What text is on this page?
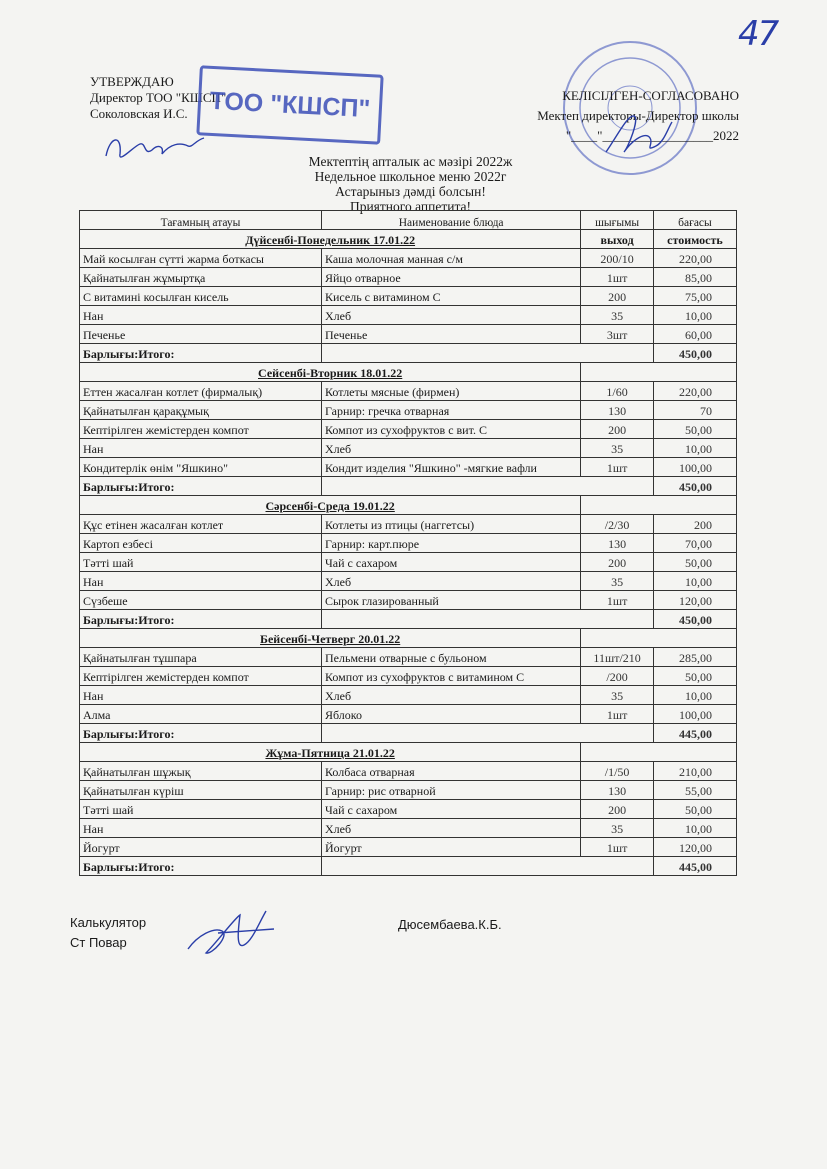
47
УТВЕРЖДАЮ
Директор ТОО "КШСП"
Соколовская И.С. ТОО "КШСП"	КЕЛІСІЛГЕН-СОГЛАСОВАНО
Мектеп директоры-Директор школы
"____"_________________2022
Мектептің апталык ас мәзірі 2022ж
Недельное школьное меню 2022г
Астарыныз дәмді болсын!
Приятного аппетита!
Тағамның атауы	Наименование блюда	шығымы	бағасы
Дүйсенбі-Понедельник 17.01.22		выход	стоимость
Май косылған сүтті жарма боткасы	Каша молочная манная с/м	200/10	220,00
Қайнатылған жұмыртқа	Яйцо отварное	1шт	85,00
С витамині косылған кисель	Кисель с витамином С	200	75,00
Нан	Хлеб	35	10,00
Печенье	Печенье	3шт	60,00
Барлығы:Итого:			450,00
Сейсенбі-Вторник 18.01.22			
Еттен жасалған котлет (фирмалық)	Котлеты мясные (фирмен)	1/60	220,00
Қайнатылған қарақұмық	Гарнир: гречка отварная	130	70
Кептірілген жемістерден компот	Компот из сухофруктов с вит. С	200	50,00
Нан	Хлеб	35	10,00
Кондитерлік өнім "Яшкино"	Кондит изделия "Яшкино" -мягкие вафли	1шт	100,00
Барлығы:Итого:			450,00
Сәрсенбі-Среда 19.01.22			
Құс етінен жасалған котлет	Котлеты из птицы (наггетсы)	/2/30	200
Картоп езбесі	Гарнир: карт.пюре	130	70,00
Тәтті шай	Чай с сахаром	200	50,00
Нан	Хлеб	35	10,00
Сүзбеше	Сырок глазированный	1шт	120,00
Барлығы:Итого:			450,00
Бейсенбі-Четверг 20.01.22			
Қайнатылған тұшпара	Пельмени отварные с бульоном	11шт/210	285,00
Кептірілген жемістерден компот	Компот из сухофруктов с витамином С	/200	50,00
Нан	Хлеб	35	10,00
Алма	Яблоко	1шт	100,00
Барлығы:Итого:			445,00
Жұма-Пятница 21.01.22			
Қайнатылған шұжық	Колбаса отварная	/1/50	210,00
Қайнатылған күріш	Гарнир: рис отварной	130	55,00
Тәтті шай	Чай с сахаром	200	50,00
Нан	Хлеб	35	10,00
Йогурт	Йогурт	1шт	120,00
Барлығы:Итого:			445,00
Калькулятор
Ст Повар
Дюсембаева.К.Б.
